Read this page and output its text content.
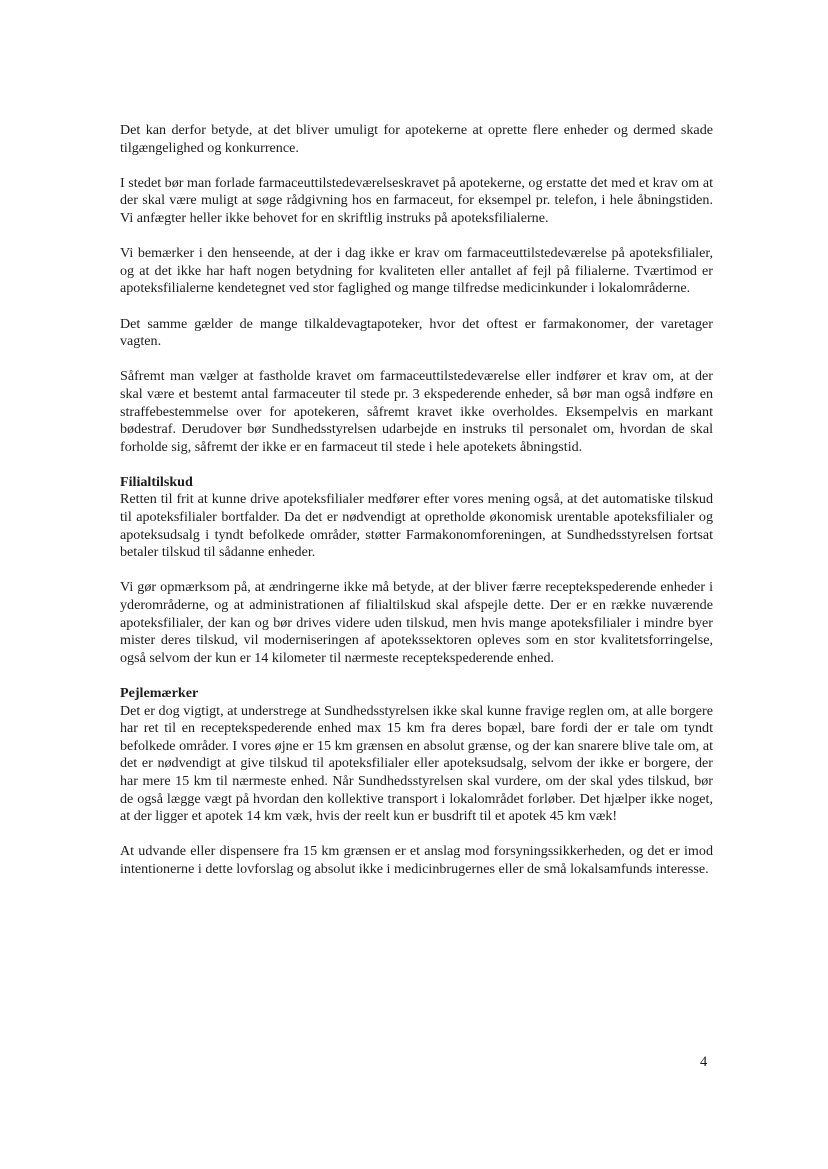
Det kan derfor betyde, at det bliver umuligt for apotekerne at oprette flere enheder og dermed skade tilgængelighed og konkurrence.

I stedet bør man forlade farmaceuttilstedeværelseskravet på apotekerne, og erstatte det med et krav om at der skal være muligt at søge rådgivning hos en farmaceut, for eksempel pr. telefon, i hele åbningstiden. Vi anfægter heller ikke behovet for en skriftlig instruks på apoteksfilialerne.

Vi bemærker i den henseende, at der i dag ikke er krav om farmaceuttilstedeværelse på apoteksfilialer, og at det ikke har haft nogen betydning for kvaliteten eller antallet af fejl på filialerne. Tværtimod er apoteksfilialerne kendetegnet ved stor faglighed og mange tilfredse medicinkunder i lokalområderne.

Det samme gælder de mange tilkaldevagtapoteker, hvor det oftest er farmakonomer, der varetager vagten.

Såfremt man vælger at fastholde kravet om farmaceuttilstedeværelse eller indfører et krav om, at der skal være et bestemt antal farmaceuter til stede pr. 3 ekspederende enheder, så bør man også indføre en straffebestemmelse over for apotekeren, såfremt kravet ikke overholdes. Eksempelvis en markant bødestraf. Derudover bør Sundhedsstyrelsen udarbejde en instruks til personalet om, hvordan de skal forholde sig, såfremt der ikke er en farmaceut til stede i hele apotekets åbningstid.

Filialtilskud

Retten til frit at kunne drive apoteksfilialer medfører efter vores mening også, at det automatiske tilskud til apoteksfilialer bortfalder. Da det er nødvendigt at opretholde økonomisk urentable apoteksfilialer og apoteksudsalg i tyndt befolkede områder, støtter Farmakonomforeningen, at Sundhedsstyrelsen fortsat betaler tilskud til sådanne enheder.

Vi gør opmærksom på, at ændringerne ikke må betyde, at der bliver færre receptekspederende enheder i yderområderne, og at administrationen af filialtilskud skal afspejle dette. Der er en række nuværende apoteksfilialer, der kan og bør drives videre uden tilskud, men hvis mange apoteksfilialer i mindre byer mister deres tilskud, vil moderniseringen af apotekssektoren opleves som en stor kvalitetsforringelse, også selvom der kun er 14 kilometer til nærmeste receptekspederende enhed.

Pejlemærker

Det er dog vigtigt, at understrege at Sundhedsstyrelsen ikke skal kunne fravige reglen om, at alle borgere har ret til en receptekspederende enhed max 15 km fra deres bopæl, bare fordi der er tale om tyndt befolkede områder. I vores øjne er 15 km grænsen en absolut grænse, og der kan snarere blive tale om, at det er nødvendigt at give tilskud til apoteksfilialer eller apoteksudsalg, selvom der ikke er borgere, der har mere 15 km til nærmeste enhed. Når Sundhedsstyrelsen skal vurdere, om der skal ydes tilskud, bør de også lægge vægt på hvordan den kollektive transport i lokalområdet forløber. Det hjælper ikke noget, at der ligger et apotek 14 km væk, hvis der reelt kun er busdrift til et apotek 45 km væk!

At udvande eller dispensere fra 15 km grænsen er et anslag mod forsyningssikkerheden, og det er imod intentionerne i dette lovforslag og absolut ikke i medicinbrugernes eller de små lokalsamfunds interesse.

4
